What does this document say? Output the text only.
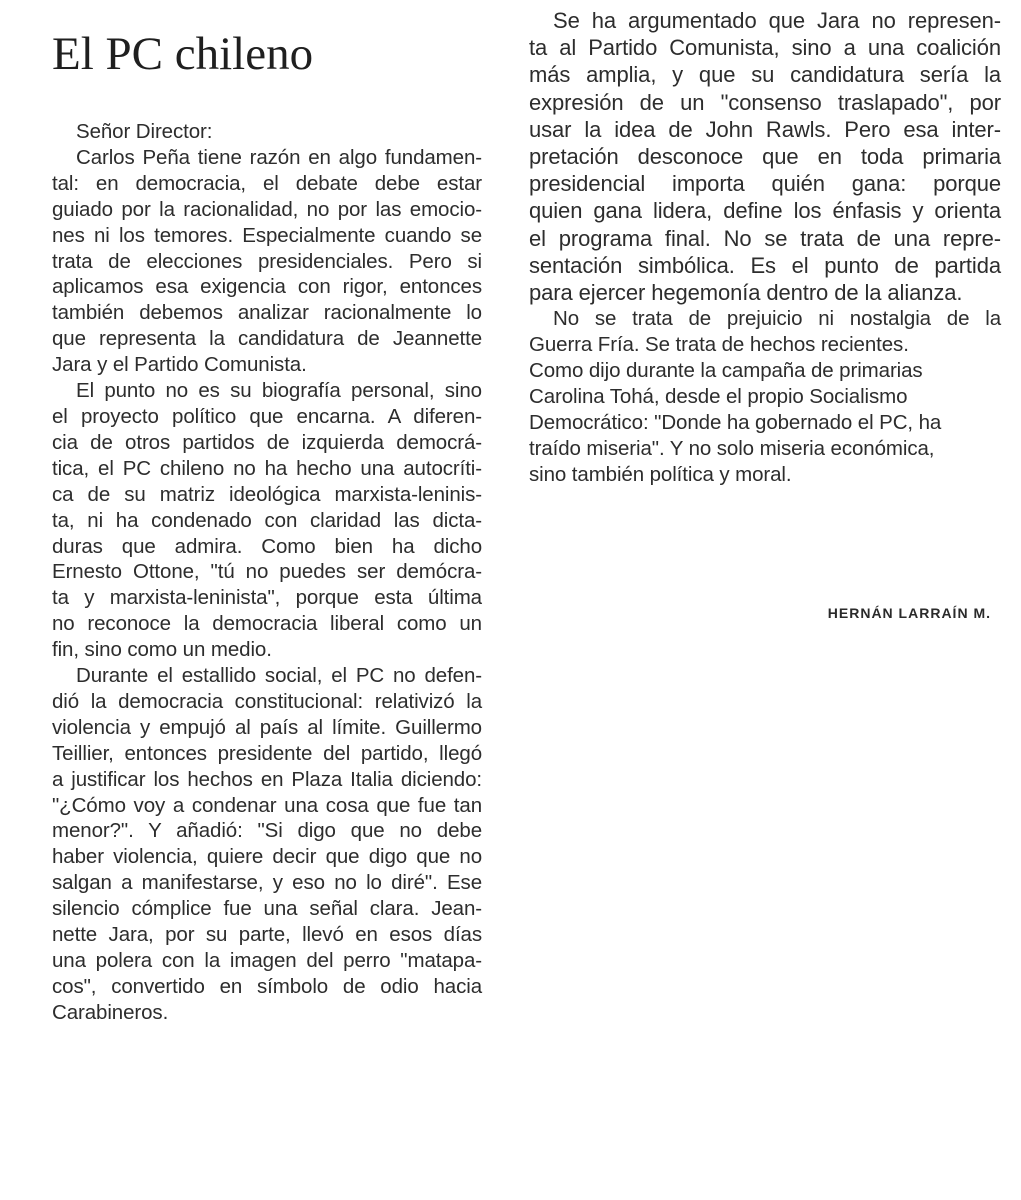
El PC chileno
Señor Director:

Carlos Peña tiene razón en algo fundamen-
tal: en democracia, el debate debe estar
guiado por la racionalidad, no por las emocio-
nes ni los temores. Especialmente cuando se
trata de elecciones presidenciales. Pero si
aplicamos esa exigencia con rigor, entonces
también debemos analizar racionalmente lo
que representa la candidatura de Jeannette
Jara y el Partido Comunista.

El punto no es su biografía personal, sino
el proyecto político que encarna. A diferen-
cia de otros partidos de izquierda democrá-
tica, el PC chileno no ha hecho una autocríti-
ca de su matriz ideológica marxista-leninis-
ta, ni ha condenado con claridad las dicta-
duras que admira. Como bien ha dicho
Ernesto Ottone, "tú no puedes ser demócra-
ta y marxista-leninista", porque esta última
no reconoce la democracia liberal como un
fin, sino como un medio.

Durante el estallido social, el PC no defen-
dió la democracia constitucional: relativizó la
violencia y empujó al país al límite. Guillermo
Teillier, entonces presidente del partido, llegó
a justificar los hechos en Plaza Italia diciendo:
"¿Cómo voy a condenar una cosa que fue tan
menor?". Y añadió: "Si digo que no debe
haber violencia, quiere decir que digo que no
salgan a manifestarse, y eso no lo diré". Ese
silencio cómplice fue una señal clara. Jean-
nette Jara, por su parte, llevó en esos días
una polera con la imagen del perro "matapa-
cos", convertido en símbolo de odio hacia
Carabineros.

Se ha argumentado que Jara no represen-
ta al Partido Comunista, sino a una coalición
más amplia, y que su candidatura sería la
expresión de un "consenso traslapado", por
usar la idea de John Rawls. Pero esa inter-
pretación desconoce que en toda primaria
presidencial importa quién gana: porque
quien gana lidera, define los énfasis y orienta
el programa final. No se trata de una repre-
sentación simbólica. Es el punto de partida
para ejercer hegemonía dentro de la alianza.

No se trata de prejuicio ni nostalgia de la
Guerra Fría. Se trata de hechos recientes.
Como dijo durante la campaña de primarias
Carolina Tohá, desde el propio Socialismo
Democrático: "Donde ha gobernado el PC, ha
traído miseria". Y no solo miseria económica,
sino también política y moral.

HERNÁN LARRAÍN M.
